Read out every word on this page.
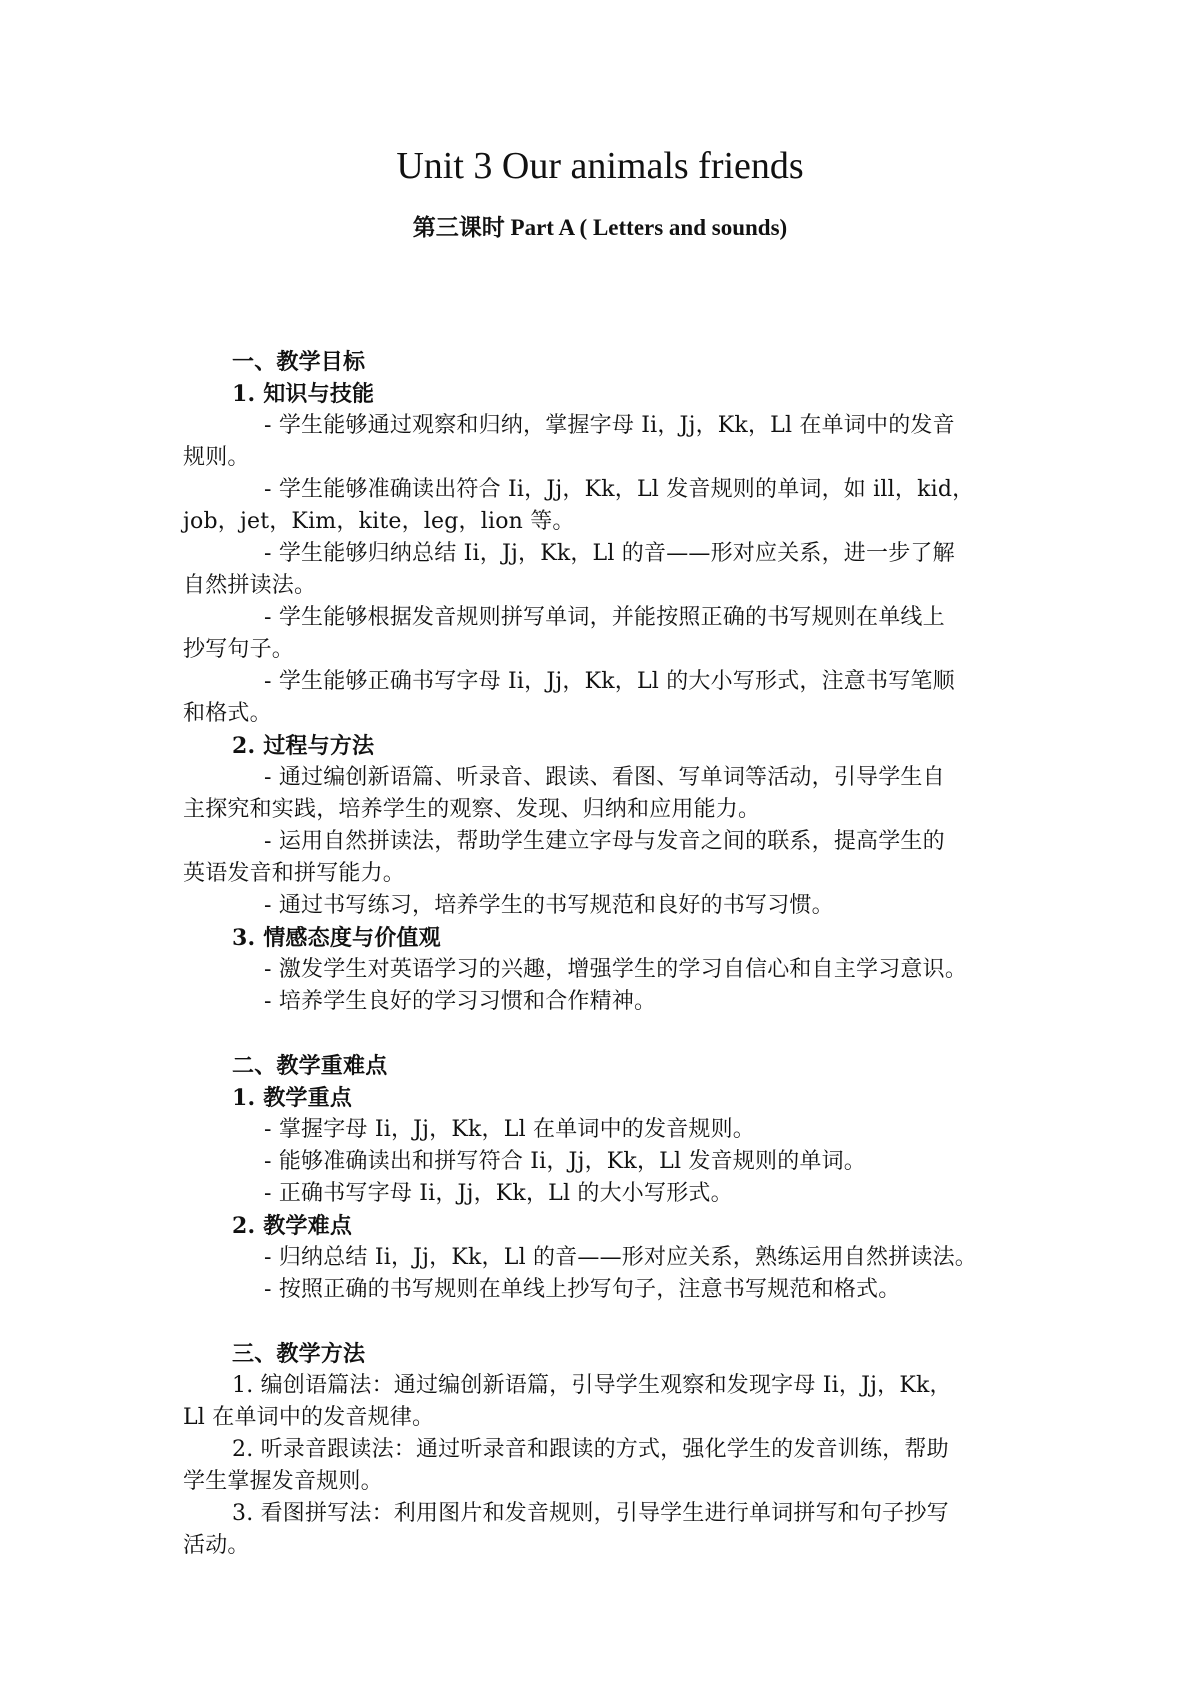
Unit 3 Our animals friends
第三课时 Part A ( Letters and sounds)
一、教学目标
1. 知识与技能
- 学生能够通过观察和归纳，掌握字母 Ii，Jj，Kk，Ll 在单词中的发音
规则。
- 学生能够准确读出符合 Ii，Jj，Kk，Ll 发音规则的单词，如 ill，kid，
job，jet，Kim，kite，leg，lion 等。
- 学生能够归纳总结 Ii，Jj，Kk，Ll 的音——形对应关系，进一步了解
自然拼读法。
- 学生能够根据发音规则拼写单词，并能按照正确的书写规则在单线上
抄写句子。
- 学生能够正确书写字母 Ii，Jj，Kk，Ll 的大小写形式，注意书写笔顺
和格式。
2. 过程与方法
- 通过编创新语篇、听录音、跟读、看图、写单词等活动，引导学生自
主探究和实践，培养学生的观察、发现、归纳和应用能力。
- 运用自然拼读法，帮助学生建立字母与发音之间的联系，提高学生的
英语发音和拼写能力。
- 通过书写练习，培养学生的书写规范和良好的书写习惯。
3. 情感态度与价值观
- 激发学生对英语学习的兴趣，增强学生的学习自信心和自主学习意识。
- 培养学生良好的学习习惯和合作精神。
二、教学重难点
1. 教学重点
- 掌握字母 Ii，Jj，Kk，Ll 在单词中的发音规则。
- 能够准确读出和拼写符合 Ii，Jj，Kk，Ll 发音规则的单词。
- 正确书写字母 Ii，Jj，Kk，Ll 的大小写形式。
2. 教学难点
- 归纳总结 Ii，Jj，Kk，Ll 的音——形对应关系，熟练运用自然拼读法。
- 按照正确的书写规则在单线上抄写句子，注意书写规范和格式。
三、教学方法
1. 编创语篇法：通过编创新语篇，引导学生观察和发现字母 Ii，Jj，Kk，
Ll 在单词中的发音规律。
2. 听录音跟读法：通过听录音和跟读的方式，强化学生的发音训练，帮助
学生掌握发音规则。
3. 看图拼写法：利用图片和发音规则，引导学生进行单词拼写和句子抄写
活动。
